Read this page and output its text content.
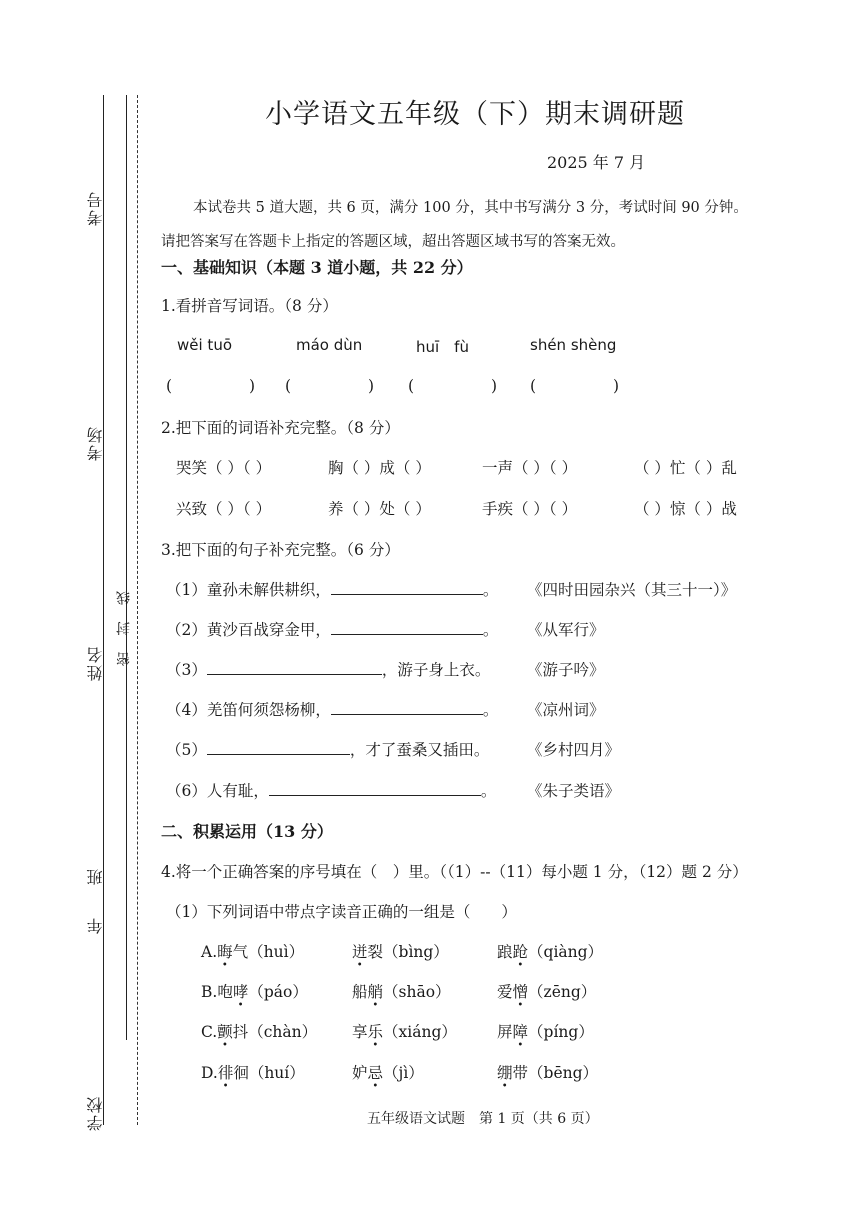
考号
考场
姓名 密 封 线
年 班
学校
小学语文五年级（下）期末调研题
2025 年 7 月
本试卷共 5 道大题，共 6 页，满分 100 分，其中书写满分 3 分，考试时间 90 分钟。
请把答案写在答题卡上指定的答题区域，超出答题区域书写的答案无效。
一、基础知识（本题 3 道小题，共 22 分）
1.看拼音写词语。（8 分）
wěi tuō	máo dùn	huī　fù	shén shèng
(　　　　) (　　　　) (　　　　) (　　　　)
2.把下面的词语补充完整。（8 分）
哭笑（ ）（ ）	胸（ ）成（ ）	一声（ ）（ ）	（ ）忙（ ）乱
兴致（ ）（ ）	养（ ）处（ ）	手疾（ ）（ ）	（ ）惊（ ）战
3.把下面的句子补充完整。（6 分）
（1）童孙未解供耕织，	。 《四时田园杂兴（其三十一）》
（2）黄沙百战穿金甲，	。 《从军行》
（3）	，游子身上衣。 《游子吟》
（4）羌笛何须怨杨柳，	。 《凉州词》
（5）	，才了蚕桑又插田。 《乡村四月》
（6）人有耻，	。 《朱子类语》
二、积累运用（13 分）
4.将一个正确答案的序号填在（　）里。（（1）--（11）每小题 1 分，（12）题 2 分）
（1）下列词语中带点字读音正确的一组是（　　）
A.晦气（huì）	迸裂（bìng）	踉跄（qiàng）
B.咆哮（páo）	船艄（shāo）	爱憎（zēng）
C.颤抖（chàn） 享乐（xiáng）	屏障（píng）
D.徘徊（huí）	妒忌（jì）	绷带（bēng）
五年级语文试题　第 1 页（共 6 页）
